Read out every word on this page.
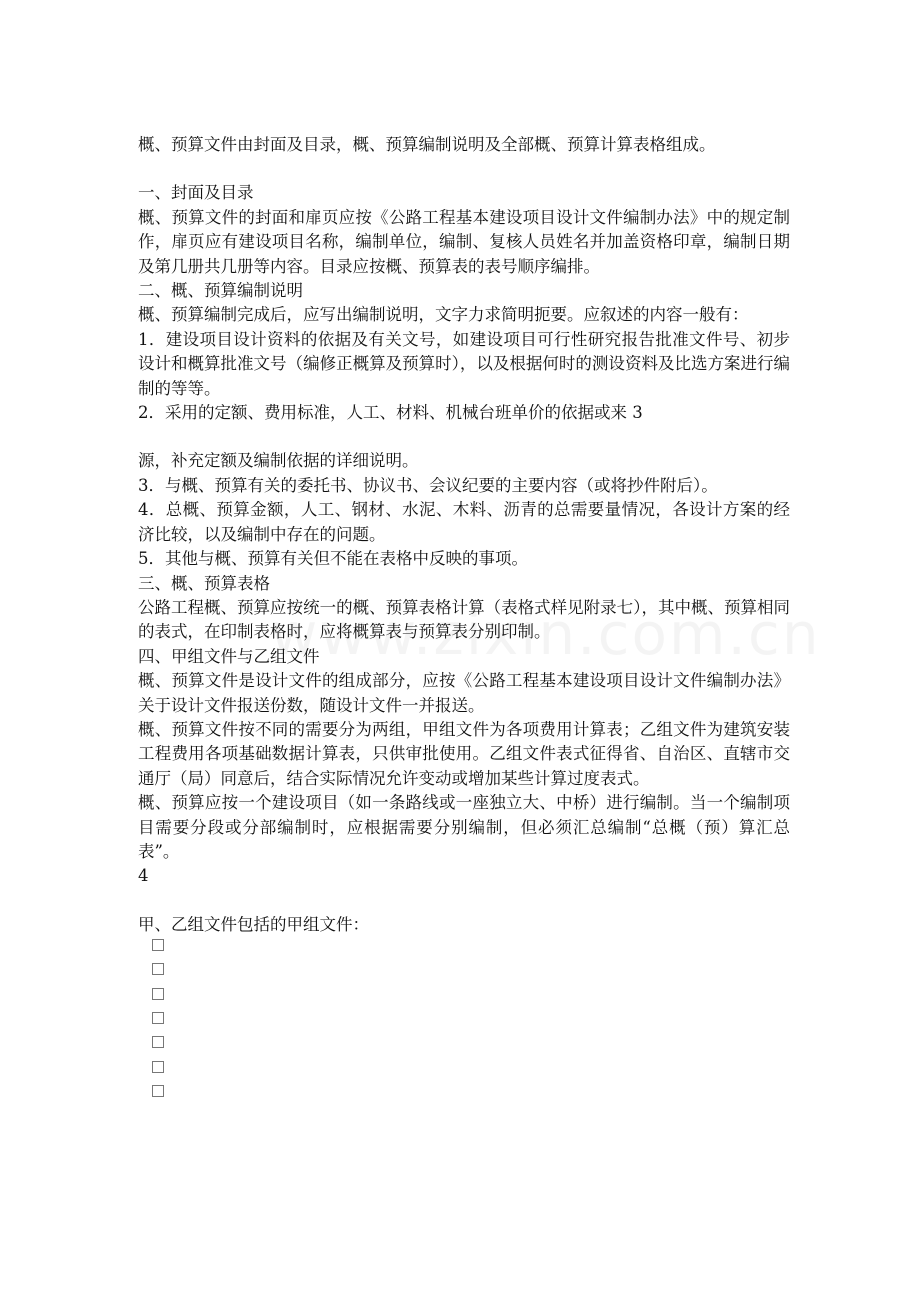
概、预算文件由封面及目录，概、预算编制说明及全部概、预算计算表格组成。

一、封面及目录

概、预算文件的封面和扉页应按《公路工程基本建设项目设计文件编制办法》中的规定制作，扉页应有建设项目名称，编制单位，编制、复核人员姓名并加盖资格印章，编制日期及第几册共几册等内容。目录应按概、预算表的表号顺序编排。

二、概、预算编制说明

概、预算编制完成后，应写出编制说明，文字力求简明扼要。应叙述的内容一般有：

1．建设项目设计资料的依据及有关文号，如建设项目可行性研究报告批准文件号、初步设计和概算批准文号（编修正概算及预算时），以及根据何时的测设资料及比选方案进行编制的等等。

2．采用的定额、费用标准，人工、材料、机械台班单价的依据或来 3

源，补充定额及编制依据的详细说明。

3．与概、预算有关的委托书、协议书、会议纪要的主要内容（或将抄件附后）。

4．总概、预算金额，人工、钢材、水泥、木料、沥青的总需要量情况，各设计方案的经济比较，以及编制中存在的问题。

5．其他与概、预算有关但不能在表格中反映的事项。

三、概、预算表格

公路工程概、预算应按统一的概、预算表格计算（表格式样见附录七），其中概、预算相同的表式，在印制表格时，应将概算表与预算表分别印制。

四、甲组文件与乙组文件

概、预算文件是设计文件的组成部分，应按《公路工程基本建设项目设计文件编制办法》关于设计文件报送份数，随设计文件一并报送。

概、预算文件按不同的需要分为两组，甲组文件为各项费用计算表；乙组文件为建筑安装工程费用各项基础数据计算表，只供审批使用。乙组文件表式征得省、自治区、直辖市交通厅（局）同意后，结合实际情况允许变动或增加某些计算过度表式。

概、预算应按一个建设项目（如一条路线或一座独立大、中桥）进行编制。当一个编制项目需要分段或分部编制时，应根据需要分别编制，但必须汇总编制“总概（预）算汇总表”。

4

甲、乙组文件包括的甲组文件：
